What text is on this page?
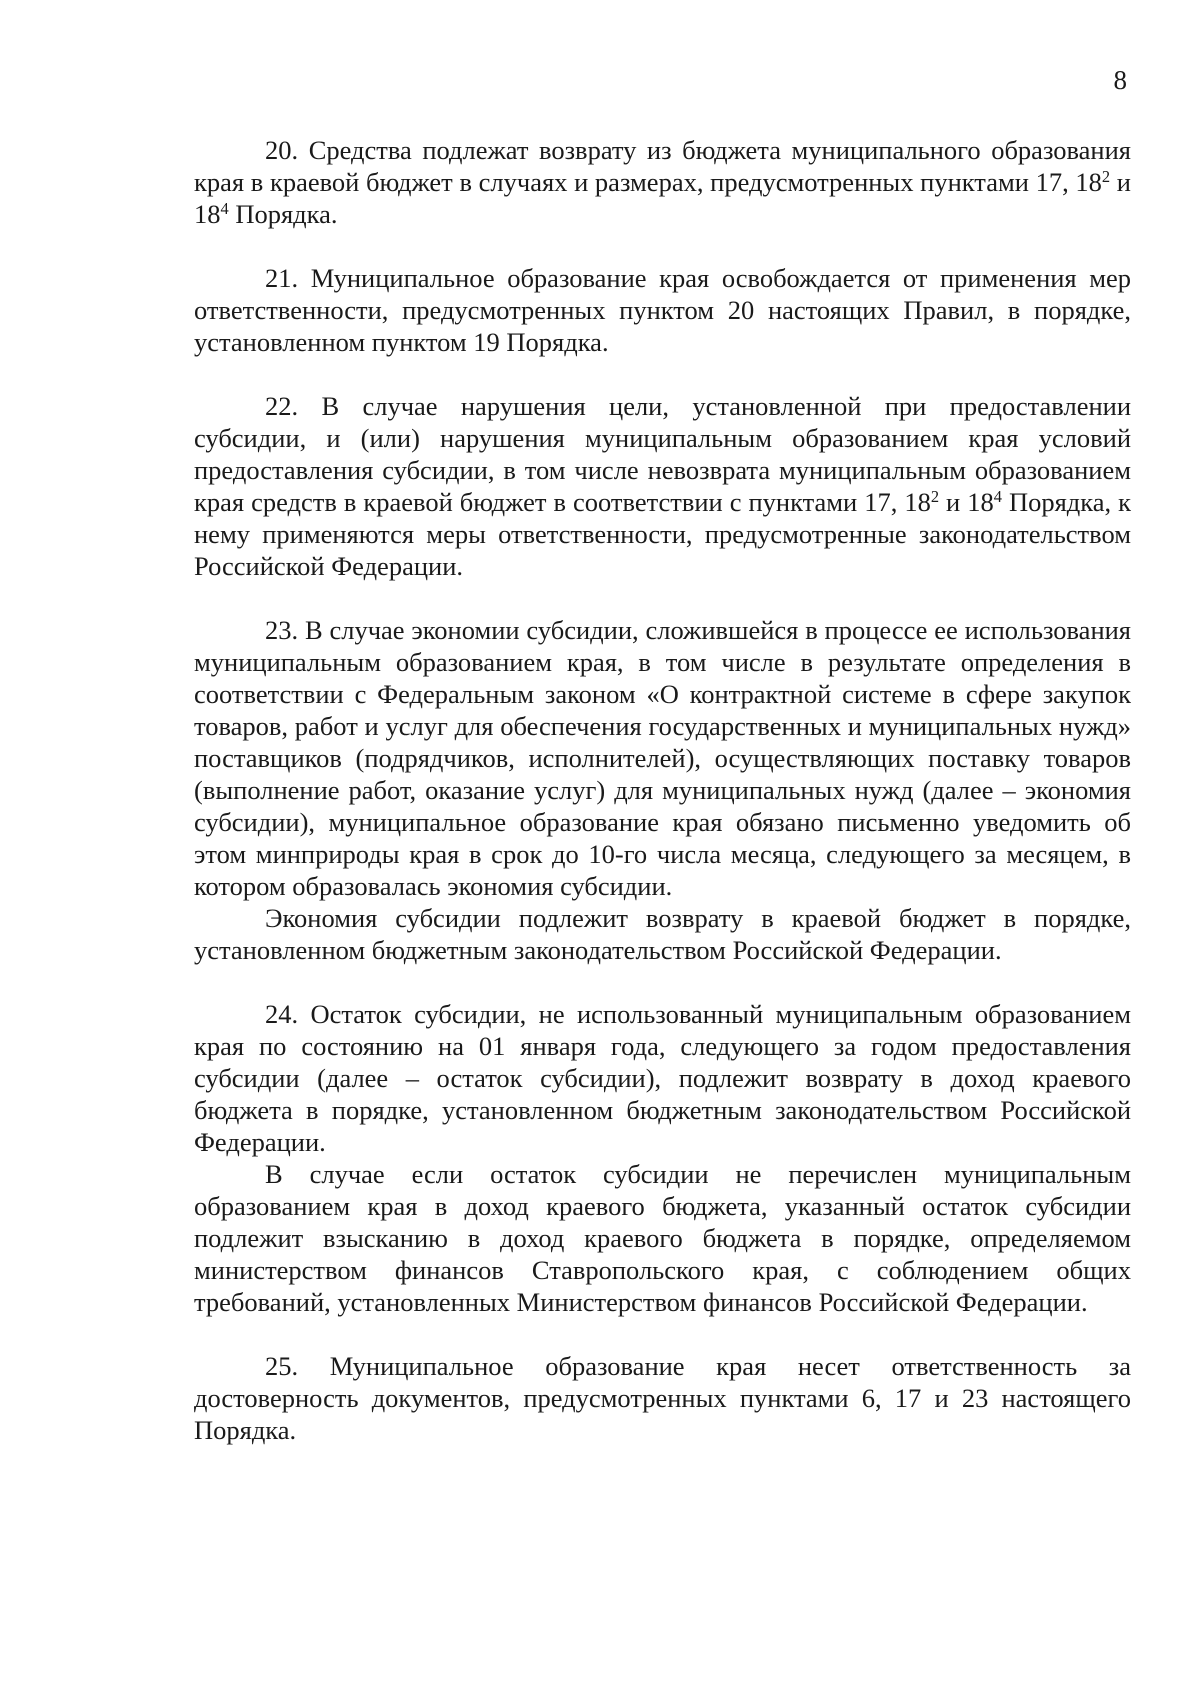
8

20. Средства подлежат возврату из бюджета муниципального образования края в краевой бюджет в случаях и размерах, предусмотренных пунктами 17, $18^2$ и $18^4$ Порядка.

21. Муниципальное образование края освобождается от применения мер ответственности, предусмотренных пунктом 20 настоящих Правил, в порядке, установленном пунктом 19 Порядка.

22. В случае нарушения цели, установленной при предоставлении субсидии, и (или) нарушения муниципальным образованием края условий предоставления субсидии, в том числе невозврата муниципальным образованием края средств в краевой бюджет в соответствии с пунктами 17, $18^2$ и $18^4$ Порядка, к нему применяются меры ответственности, предусмотренные законодательством Российской Федерации.

23. В случае экономии субсидии, сложившейся в процессе ее использования муниципальным образованием края, в том числе в результате определения в соответствии с Федеральным законом «О контрактной системе в сфере закупок товаров, работ и услуг для обеспечения государственных и муниципальных нужд» поставщиков (подрядчиков, исполнителей), осуществляющих поставку товаров (выполнение работ, оказание услуг) для муниципальных нужд (далее – экономия субсидии), муниципальное образование края обязано письменно уведомить об этом минприроды края в срок до 10-го числа месяца, следующего за месяцем, в котором образовалась экономия субсидии.

Экономия субсидии подлежит возврату в краевой бюджет в порядке, установленном бюджетным законодательством Российской Федерации.

24. Остаток субсидии, не использованный муниципальным образованием края по состоянию на 01 января года, следующего за годом предоставления субсидии (далее – остаток субсидии), подлежит возврату в доход краевого бюджета в порядке, установленном бюджетным законодательством Российской Федерации.

В случае если остаток субсидии не перечислен муниципальным образованием края в доход краевого бюджета, указанный остаток субсидии подлежит взысканию в доход краевого бюджета в порядке, определяемом министерством финансов Ставропольского края, с соблюдением общих требований, установленных Министерством финансов Российской Федерации.

25. Муниципальное образование края несет ответственность за достоверность документов, предусмотренных пунктами 6, 17 и 23 настоящего Порядка.
